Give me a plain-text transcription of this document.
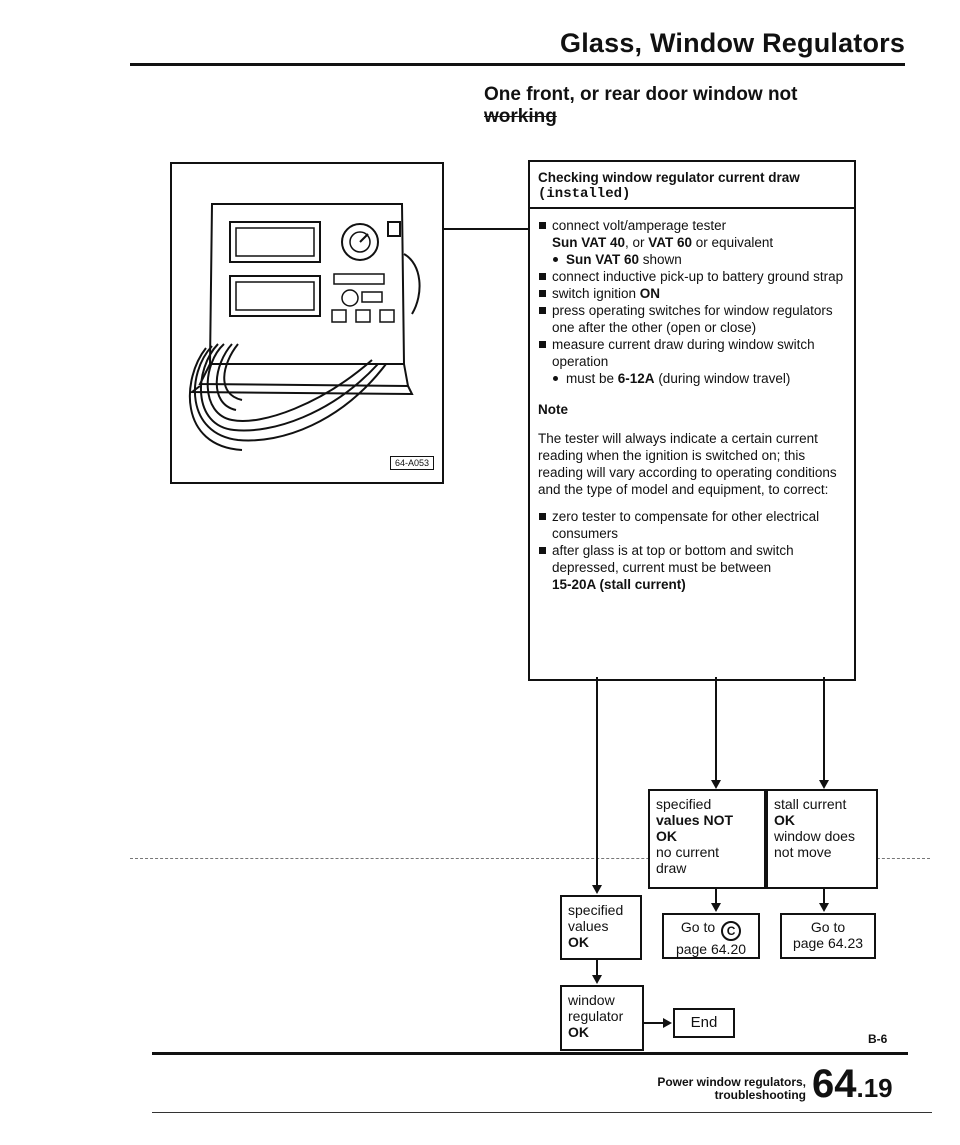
Glass, Window Regulators
One front, or rear door window not
working
64-A053
Checking window regulator current draw
(installed)
connect volt/amperage tester
Sun VAT 40, or VAT 60 or equivalent
Sun VAT 60 shown
connect inductive pick-up to battery ground strap
switch ignition ON
press operating switches for window regulators one after the other (open or close)
measure current draw during window switch operation
must be 6-12A (during window travel)
Note
The tester will always indicate a certain current reading when the ignition is switched on; this reading will vary according to operating conditions and the type of model and equipment, to correct:
zero tester to compensate for other electrical consumers
after glass is at top or bottom and switch depressed, current must be between
15-20A (stall current)
specified
values NOT
OK
no current
draw
stall current
OK
window does
not move
Go to C
page 64.20
Go to
page 64.23
specified
values
OK
window
regulator
OK
End
B-6
Power window regulators,
troubleshooting 64.19
